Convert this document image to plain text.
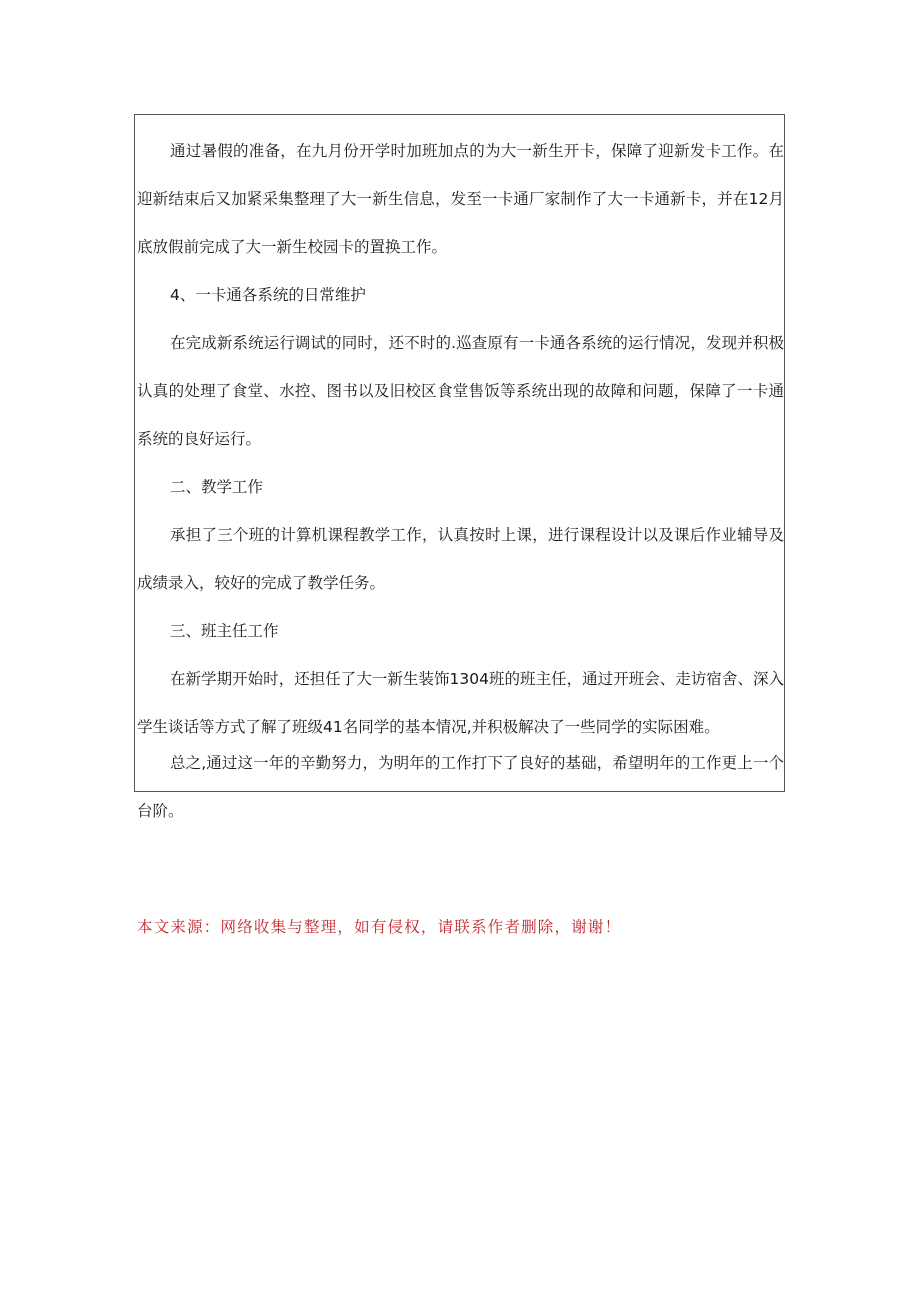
通过暑假的准备，在九月份开学时加班加点的为大一新生开卡，保障了迎新发卡工作。在迎新结束后又加紧采集整理了大一新生信息，发至一卡通厂家制作了大一卡通新卡，并在12月底放假前完成了大一新生校园卡的置换工作。

4、一卡通各系统的日常维护

在完成新系统运行调试的同时，还不时的.巡查原有一卡通各系统的运行情况，发现并积极认真的处理了食堂、水控、图书以及旧校区食堂售饭等系统出现的故障和问题，保障了一卡通系统的良好运行。

二、教学工作

承担了三个班的计算机课程教学工作，认真按时上课，进行课程设计以及课后作业辅导及成绩录入，较好的完成了教学任务。

三、班主任工作

在新学期开始时，还担任了大一新生装饰1304班的班主任，通过开班会、走访宿舍、深入学生谈话等方式了解了班级41名同学的基本情况,并积极解决了一些同学的实际困难。

总之,通过这一年的辛勤努力，为明年的工作打下了良好的基础，希望明年的工作更上一个台阶。

本文来源：网络收集与整理，如有侵权，请联系作者删除，谢谢！
